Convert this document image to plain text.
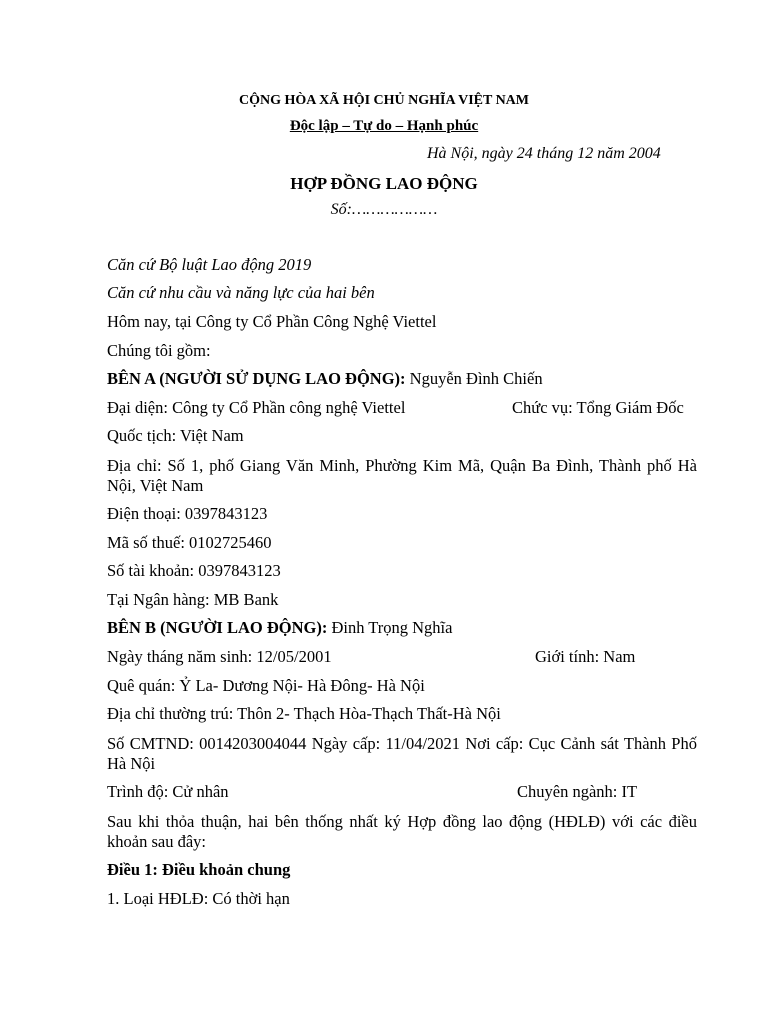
CỘNG HÒA XÃ HỘI CHỦ NGHĨA VIỆT NAM
Độc lập – Tự do – Hạnh phúc
Hà Nội, ngày 24 tháng 12 năm 2004
HỢP ĐỒNG LAO ĐỘNG
Số:………………
Căn cứ Bộ luật Lao động 2019
Căn cứ nhu cầu và năng lực của hai bên
Hôm nay, tại Công ty Cổ Phần Công Nghệ Viettel
Chúng tôi gồm:
BÊN A (NGƯỜI SỬ DỤNG LAO ĐỘNG): Nguyễn Đình Chiến
Đại diện: Công ty Cổ Phần công nghệ Viettel	Chức vụ: Tổng Giám Đốc
Quốc tịch: Việt Nam
Địa chỉ: Số 1, phố Giang Văn Minh, Phường Kim Mã, Quận Ba Đình, Thành phố Hà Nội, Việt Nam
Điện thoại: 0397843123
Mã số thuế: 0102725460
Số tài khoản: 0397843123
Tại Ngân hàng: MB Bank
BÊN B (NGƯỜI LAO ĐỘNG): Đinh Trọng Nghĩa
Ngày tháng năm sinh: 12/05/2001	Giới tính: Nam
Quê quán: Ỷ La- Dương Nội- Hà Đông- Hà Nội
Địa chỉ thường trú: Thôn 2- Thạch Hòa-Thạch Thất-Hà Nội
Số CMTND: 0014203004044 Ngày cấp: 11/04/2021 Nơi cấp: Cục Cảnh sát Thành Phố Hà Nội
Trình độ: Cử nhân	Chuyên ngành: IT
Sau khi thỏa thuận, hai bên thống nhất ký Hợp đồng lao động (HĐLĐ) với các điều khoản sau đây:
Điều 1: Điều khoản chung
1. Loại HĐLĐ: Có thời hạn
